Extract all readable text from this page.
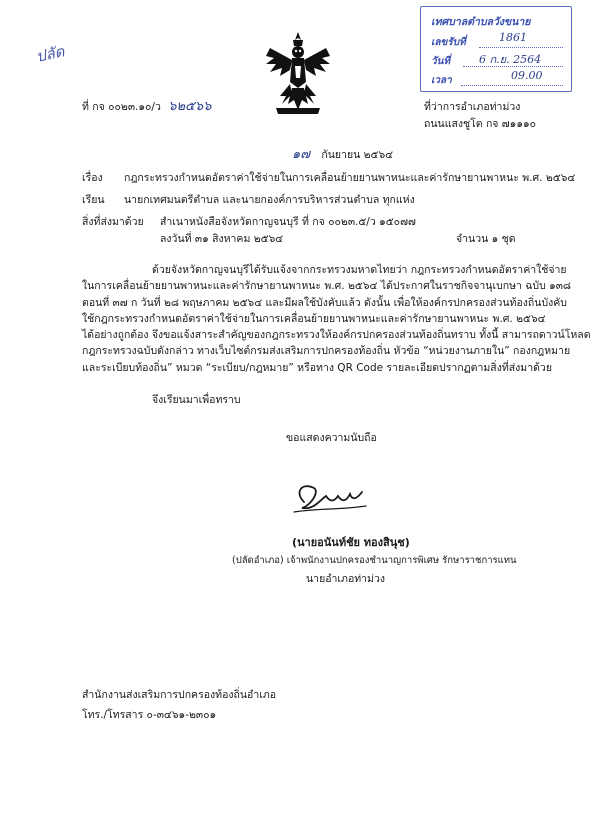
ปลัด
เทศบาลตำบลวังขนาย
เลขรับที่	1861
วันที่	6 ก.ย. 2564
เวลา	09.00
ที่ กจ ๐๐๒๓.๑๐/ว ๖๒๕๖๖	ที่ว่าการอำเภอท่าม่วง
ถนนแสงชูโต กจ ๗๑๑๑๐
๑๗ กันยายน ๒๕๖๔
เรื่อง กฎกระทรวงกำหนดอัตราค่าใช้จ่ายในการเคลื่อนย้ายยานพาหนะและค่ารักษายานพาหนะ พ.ศ. ๒๕๖๔
เรียน นายกเทศมนตรีตำบล และนายกองค์การบริหารส่วนตำบล ทุกแห่ง
สิ่งที่ส่งมาด้วย สำเนาหนังสือจังหวัดกาญจนบุรี ที่ กจ ๐๐๒๓.๕/ว ๑๕๐๗๗
ลงวันที่ ๓๑ สิงหาคม ๒๕๖๔	จำนวน ๑ ชุด
ด้วยจังหวัดกาญจนบุรีได้รับแจ้งจากกระทรวงมหาดไทยว่า กฎกระทรวงกำหนดอัตราค่าใช้จ่าย
ในการเคลื่อนย้ายยานพาหนะและค่ารักษายานพาหนะ พ.ศ. ๒๕๖๔ ได้ประกาศในราชกิจจานุเบกษา ฉบับ ๑๓๘
ตอนที่ ๓๗ ก วันที่ ๒๘ พฤษภาคม ๒๕๖๔ และมีผลใช้บังคับแล้ว ดังนั้น เพื่อให้องค์กรปกครองส่วนท้องถิ่นบังคับ
ใช้กฎกระทรวงกำหนดอัตราค่าใช้จ่ายในการเคลื่อนย้ายยานพาหนะและค่ารักษายานพาหนะ พ.ศ. ๒๕๖๔
ได้อย่างถูกต้อง จึงขอแจ้งสาระสำคัญของกฎกระทรวงให้องค์กรปกครองส่วนท้องถิ่นทราบ ทั้งนี้ สามารถดาวน์โหลด
กฎกระทรวงฉบับดังกล่าว ทางเว็บไซต์กรมส่งเสริมการปกครองท้องถิ่น หัวข้อ “หน่วยงานภายใน” กองกฎหมาย
และระเบียบท้องถิ่น” หมวด “ระเบียบ/กฎหมาย” หรือทาง QR Code รายละเอียดปรากฏตามสิ่งที่ส่งมาด้วย
จึงเรียนมาเพื่อทราบ
ขอแสดงความนับถือ
(นายอนันท์ชัย ทองสินุช)
(ปลัดอำเภอ) เจ้าพนักงานปกครองชำนาญการพิเศษ รักษาราชการแทน
นายอำเภอท่าม่วง
สำนักงานส่งเสริมการปกครองท้องถิ่นอำเภอ
โทร./โทรสาร ๐-๓๔๖๑-๒๓๐๑
